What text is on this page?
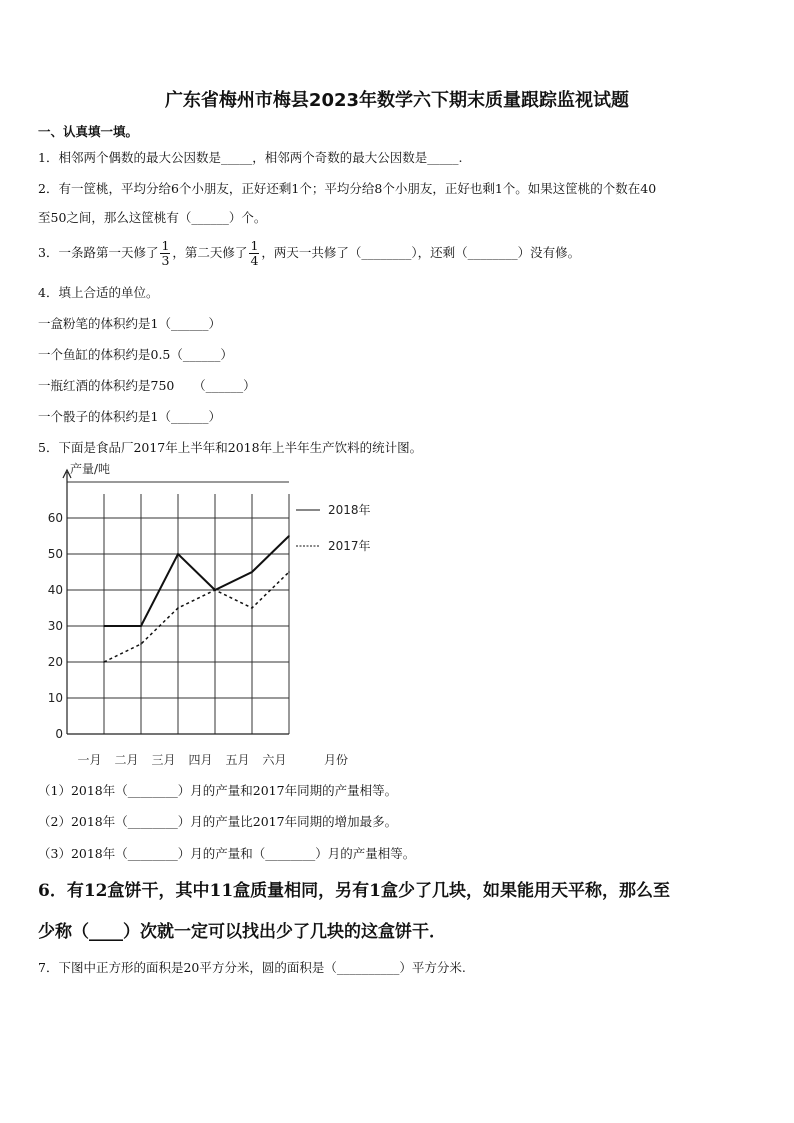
广东省梅州市梅县2023年数学六下期末质量跟踪监视试题
一、认真填一填。
1．相邻两个偶数的最大公因数是_____，相邻两个奇数的最大公因数是_____.
2．有一筐桃，平均分给6个小朋友，正好还剩1个；平均分给8个小朋友，正好也剩1个。如果这筐桃的个数在40
至50之间，那么这筐桃有（______）个。
3．一条路第一天修了 $\frac{1}{3}$ ，第二天修了 $\frac{1}{4}$ ，两天一共修了（________），还剩（________）没有修。
4．填上合适的单位。
一盒粉笔的体积约是1（______）
一个鱼缸的体积约是0.5（______）
一瓶红酒的体积约是750　　（______）
一个骰子的体积约是1（______）
5．下面是食品厂2017年上半年和2018年上半年生产饮料的统计图。
产量/吨
0
10
20
30
40
50
60
一月 二月 三月 四月 五月 六月	月份
2018年
2017年
（1）2018年（________）月的产量和2017年同期的产量相等。
（2）2018年（________）月的产量比2017年同期的增加最多。
（3）2018年（________）月的产量和（________）月的产量相等。
6．有12盒饼干，其中11盒质量相同，另有1盒少了几块，如果能用天平称，那么至
少称（____）次就一定可以找出少了几块的这盒饼干．
7．下图中正方形的面积是20平方分米，圆的面积是（__________）平方分米.
